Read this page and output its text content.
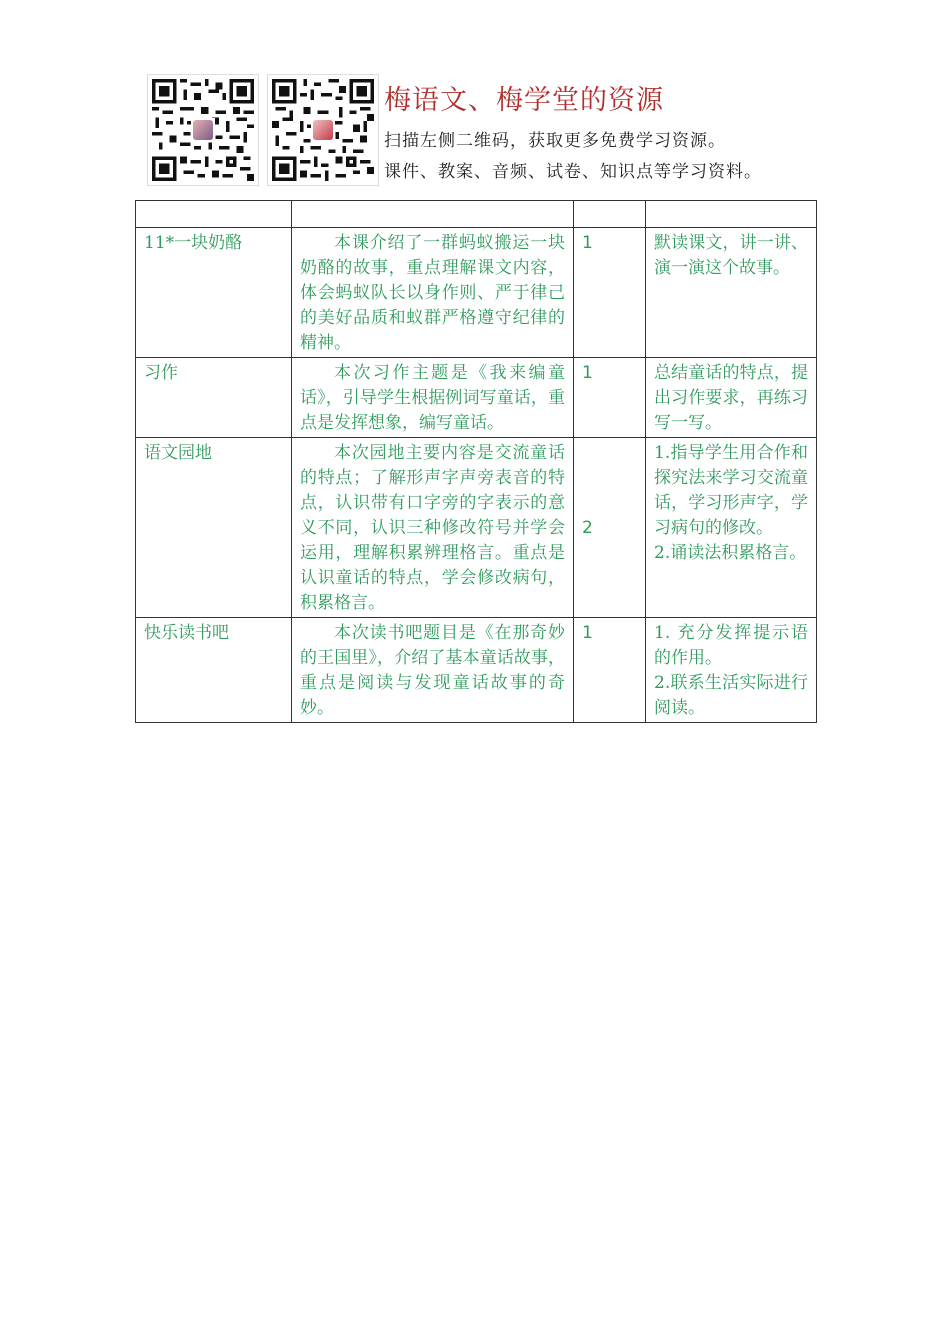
梅语文、梅学堂的资源
扫描左侧二维码，获取更多免费学习资源。
课件、教案、音频、试卷、知识点等学习资料。

11*一块奶酪	本课介绍了一群蚂蚁搬运一块奶酪的故事，重点理解课文内容，体会蚂蚁队长以身作则、严于律己的美好品质和蚁群严格遵守纪律的精神。	1	默读课文，讲一讲、演一演这个故事。

习作	本次习作主题是《我来编童话》，引导学生根据例词写童话，重点是发挥想象，编写童话。	1	总结童话的特点，提出习作要求，再练习写一写。

语文园地	本次园地主要内容是交流童话的特点；了解形声字声旁表音的特点，认识带有口字旁的字表示的意义不同，认识三种修改符号并学会运用，理解积累辨理格言。重点是认识童话的特点，学会修改病句，积累格言。	2	1.指导学生用合作和探究法来学习交流童话，学习形声字，学习病句的修改。
2.诵读法积累格言。

快乐读书吧	本次读书吧题目是《在那奇妙的王国里》，介绍了基本童话故事，重点是阅读与发现童话故事的奇妙。	1	1. 充分发挥提示语的作用。
2.联系生活实际进行阅读。
